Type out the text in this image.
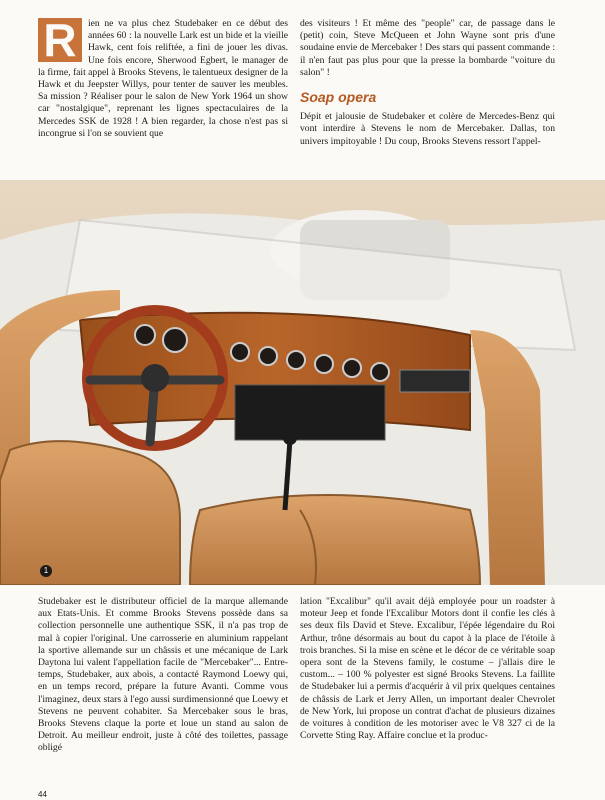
R	ien ne va plus chez Studebaker en ce début des années 60 : la nouvelle Lark est un bide et la vieille Hawk, cent fois reliftée, a fini de jouer les divas. Une fois encore, Sherwood Egbert, le manager de la firme, fait appel à Brooks Stevens, le talentueux designer de la Hawk et du Jeepster Willys, pour tenter de sauver les meubles. Sa mission ? Réaliser pour le salon de New York 1964 un show car "nostalgique", reprenant les lignes spectaculaires de la Mercedes SSK de 1928 ! A bien regarder, la chose n'est pas si incongrue si l'on se souvient que

des visiteurs ! Et même des "people" car, de passage dans le (petit) coin, Steve McQueen et John Wayne sont pris d'une soudaine envie de Mercebaker ! Des stars qui passent commande : il n'en faut pas plus pour que la presse la bombarde "voiture du salon" !

Soap opera

Dépit et jalousie de Studebaker et colère de Mercedes-Benz qui vont interdire à Stevens le nom de Mercebaker. Dallas, ton univers impitoyable ! Du coup, Brooks Stevens ressort l'appel-

1

Studebaker est le distributeur officiel de la marque allemande aux Etats-Unis. Et comme Brooks Stevens possède dans sa collection personnelle une authentique SSK, il n'a pas trop de mal à copier l'original. Une carrosserie en aluminium rappelant la sportive allemande sur un châssis et une mécanique de Lark Daytona lui valent l'appellation facile de "Mercebaker"... Entre-temps, Studebaker, aux abois, a contacté Raymond Loewy qui, en un temps record, prépare la future Avanti. Comme vous l'imaginez, deux stars à l'ego aussi surdimensionné que Loewy et Stevens ne peuvent cohabiter. Sa Mercebaker sous le bras, Brooks Stevens claque la porte et loue un stand au salon de Detroit. Au meilleur endroit, juste à côté des toilettes, passage obligé

lation "Excalibur" qu'il avait déjà employée pour un roadster à moteur Jeep et fonde l'Excalibur Motors dont il confie les clés à ses deux fils David et Steve. Excalibur, l'épée légendaire du Roi Arthur, trône désormais au bout du capot à la place de l'étoile à trois branches. Si la mise en scène et le décor de ce véritable soap opera sont de la Stevens family, le costume – j'allais dire le custom... – 100 % polyester est signé Brooks Stevens. La faillite de Studebaker lui a permis d'acquérir à vil prix quelques centaines de châssis de Lark et Jerry Allen, un important dealer Chevrolet de New York, lui propose un contrat d'achat de plusieurs dizaines de voitures à condition de les motoriser avec le V8 327 ci de la Corvette Sting Ray. Affaire conclue et la produc-

44
